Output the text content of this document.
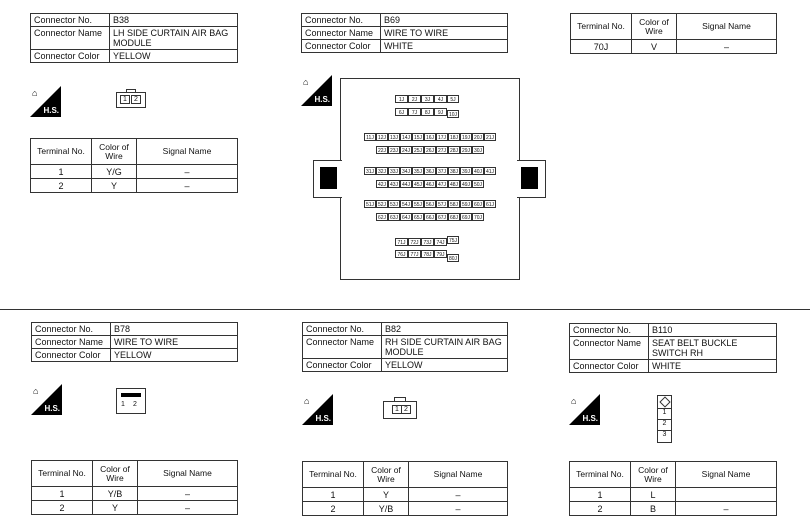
Connector No.	B38
Connector Name	LH SIDE CURTAIN AIR BAG MODULE
Connector Color	YELLOW
⌂
H.S.
1	2
Terminal No.	Color of Wire	Signal Name
1	Y/G	–
2	Y	–
Connector No.	B69
Connector Name	WIRE TO WIRE
Connector Color	WHITE
⌂
H.S.	1J	2J	3J	4J	5J
6J	7J	8J	9J	10J
11J 12J 13J 14J 15J 16J 17J 18J 19J 20J 21J
22J 23J 24J 25J 26J 27J 28J 29J 30J
31J 32J 33J 34J 35J 36J 37J 38J 39J 40J 41J
42J 43J 44J 45J 46J 47J 48J 49J 50J
51J 52J 53J 54J 55J 56J 57J 58J 59J 60J 61J
62J 63J 64J 65J 66J 67J 68J 69J 70J
71J 72J 73J 74J 75J
76J 77J 78J 79J
80J
Terminal No.	Color of Wire	Signal Name
70J	V	–
Connector No.	B78
Connector Name	WIRE TO WIRE
Connector Color	YELLOW
⌂
H.S.	1 2
Terminal No.	Color of Wire	Signal Name
1	Y/B	–
2	Y	–
Connector No.	B82
Connector Name	RH SIDE CURTAIN AIR BAG MODULE
Connector Color	YELLOW
⌂
H.S.
1 2
Terminal No.	Color of Wire	Signal Name
1	Y	–
2	Y/B	–
Connector No.	B110
Connector Name	SEAT BELT BUCKLE SWITCH RH
Connector Color	WHITE
⌂
H.S.
1
2
3
Terminal No.	Color of Wire	Signal Name
1	L	
2	B	–
